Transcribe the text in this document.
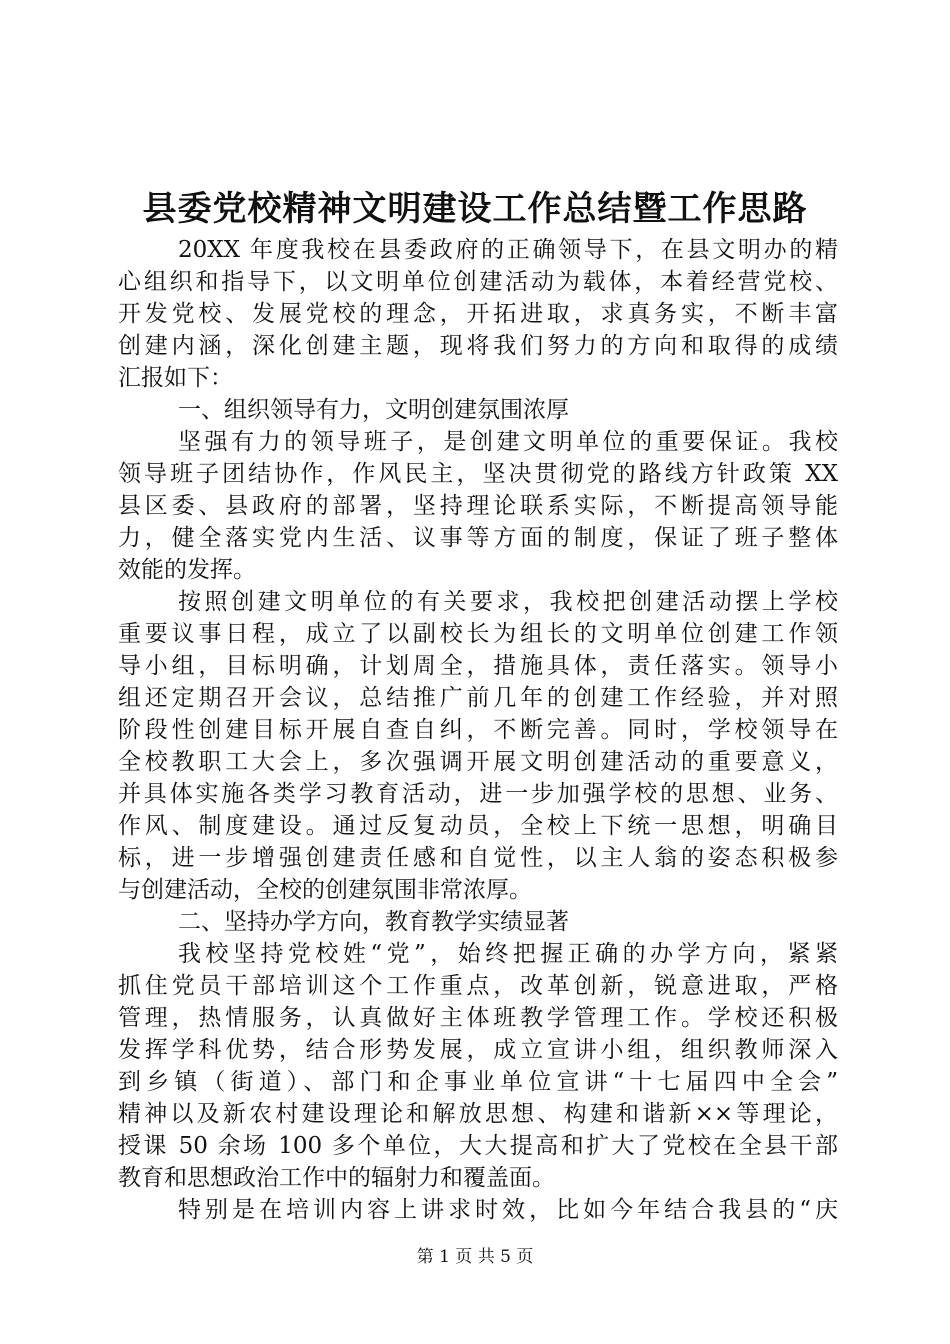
县委党校精神文明建设工作总结暨工作思路
20XX 年度我校在县委政府的正确领导下，在县文明办的精
心组织和指导下，以文明单位创建活动为载体，本着经营党校、
开发党校、发展党校的理念，开拓进取，求真务实，不断丰富
创建内涵，深化创建主题，现将我们努力的方向和取得的成绩
汇报如下：
一、组织领导有力，文明创建氛围浓厚
坚强有力的领导班子，是创建文明单位的重要保证。我校
领导班子团结协作，作风民主，坚决贯彻党的路线方针政策 XX
县区委、县政府的部署，坚持理论联系实际，不断提高领导能
力，健全落实党内生活、议事等方面的制度，保证了班子整体
效能的发挥。
按照创建文明单位的有关要求，我校把创建活动摆上学校
重要议事日程，成立了以副校长为组长的文明单位创建工作领
导小组，目标明确，计划周全，措施具体，责任落实。领导小
组还定期召开会议，总结推广前几年的创建工作经验，并对照
阶段性创建目标开展自查自纠，不断完善。同时，学校领导在
全校教职工大会上，多次强调开展文明创建活动的重要意义，
并具体实施各类学习教育活动，进一步加强学校的思想、业务、
作风、制度建设。通过反复动员，全校上下统一思想，明确目
标，进一步增强创建责任感和自觉性，以主人翁的姿态积极参
与创建活动，全校的创建氛围非常浓厚。
二、坚持办学方向，教育教学实绩显著
我校坚持党校姓“党”，始终把握正确的办学方向，紧紧
抓住党员干部培训这个工作重点，改革创新，锐意进取，严格
管理，热情服务，认真做好主体班教学管理工作。学校还积极
发挥学科优势，结合形势发展，成立宣讲小组，组织教师深入
到乡镇（街道）、部门和企事业单位宣讲“十七届四中全会”
精神以及新农村建设理论和解放思想、构建和谐新××等理论，
授课 50 余场 100 多个单位，大大提高和扩大了党校在全县干部
教育和思想政治工作中的辐射力和覆盖面。
特别是在培训内容上讲求时效，比如今年结合我县的“庆
第 1 页 共 5 页
